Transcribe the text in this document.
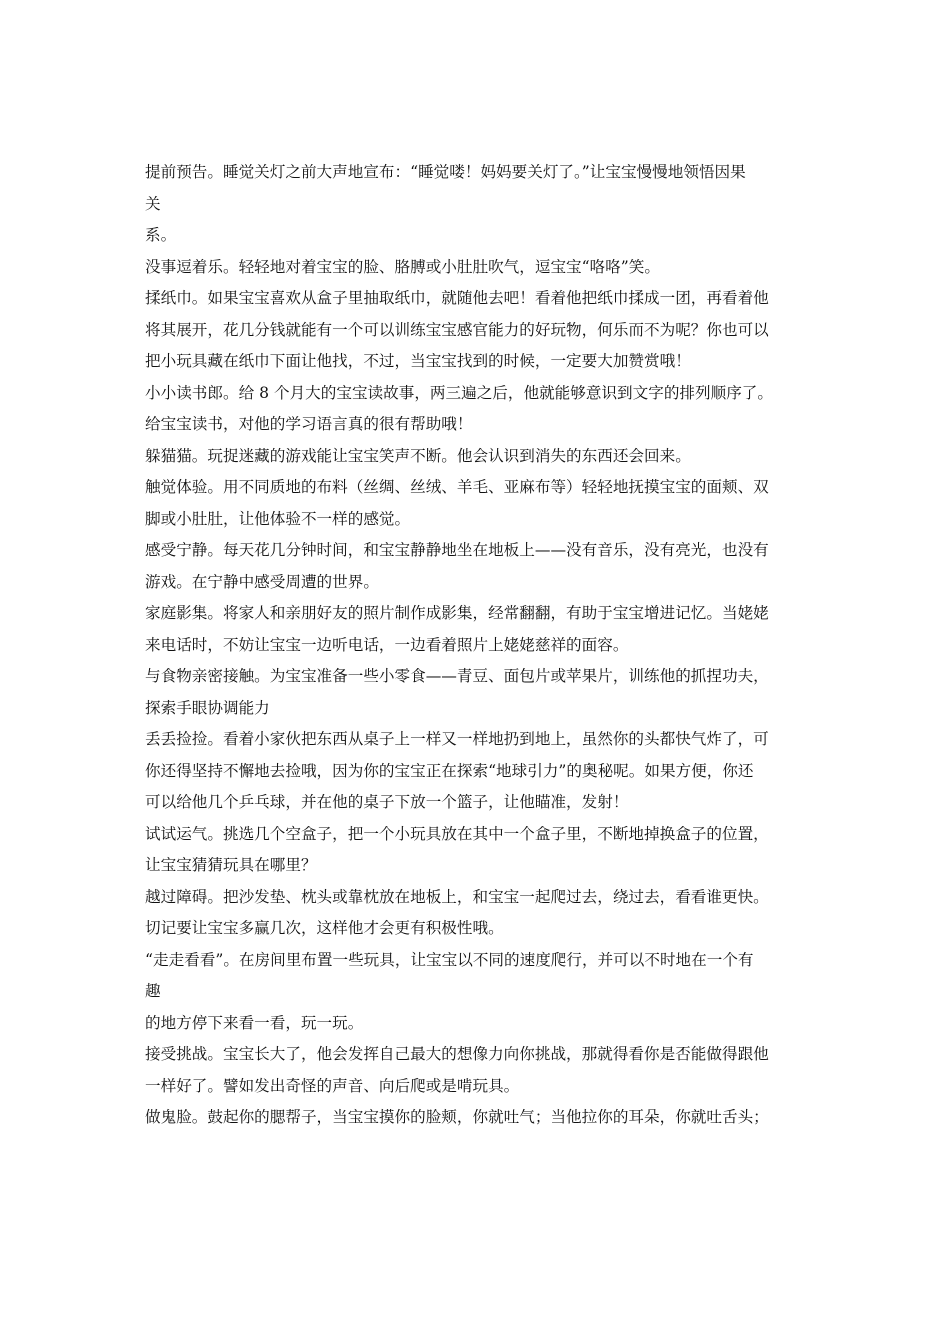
提前预告。睡觉关灯之前大声地宣布：“睡觉喽！妈妈要关灯了。”让宝宝慢慢地领悟因果
关
系。
没事逗着乐。轻轻地对着宝宝的脸、胳膊或小肚肚吹气，逗宝宝“咯咯”笑。
揉纸巾。如果宝宝喜欢从盒子里抽取纸巾，就随他去吧！看着他把纸巾揉成一团，再看着他
将其展开，花几分钱就能有一个可以训练宝宝感官能力的好玩物，何乐而不为呢？你也可以
把小玩具藏在纸巾下面让他找，不过，当宝宝找到的时候，一定要大加赞赏哦！
小小读书郎。给 8 个月大的宝宝读故事，两三遍之后，他就能够意识到文字的排列顺序了。
给宝宝读书，对他的学习语言真的很有帮助哦！
躲猫猫。玩捉迷藏的游戏能让宝宝笑声不断。他会认识到消失的东西还会回来。
触觉体验。用不同质地的布料（丝绸、丝绒、羊毛、亚麻布等）轻轻地抚摸宝宝的面颊、双
脚或小肚肚，让他体验不一样的感觉。
感受宁静。每天花几分钟时间，和宝宝静静地坐在地板上——没有音乐，没有亮光，也没有
游戏。在宁静中感受周遭的世界。
家庭影集。将家人和亲朋好友的照片制作成影集，经常翻翻，有助于宝宝增进记忆。当姥姥
来电话时，不妨让宝宝一边听电话，一边看着照片上姥姥慈祥的面容。
与食物亲密接触。为宝宝准备一些小零食——青豆、面包片或苹果片，训练他的抓捏功夫，
探索手眼协调能力
丢丢捡捡。看着小家伙把东西从桌子上一样又一样地扔到地上，虽然你的头都快气炸了，可
你还得坚持不懈地去捡哦，因为你的宝宝正在探索“地球引力”的奥秘呢。如果方便，你还
可以给他几个乒乓球，并在他的桌子下放一个篮子，让他瞄准，发射！
试试运气。挑选几个空盒子，把一个小玩具放在其中一个盒子里，不断地掉换盒子的位置，
让宝宝猜猜玩具在哪里？
越过障碍。把沙发垫、枕头或靠枕放在地板上，和宝宝一起爬过去，绕过去，看看谁更快。
切记要让宝宝多赢几次，这样他才会更有积极性哦。
“走走看看”。在房间里布置一些玩具，让宝宝以不同的速度爬行，并可以不时地在一个有
趣
的地方停下来看一看，玩一玩。
接受挑战。宝宝长大了，他会发挥自己最大的想像力向你挑战，那就得看你是否能做得跟他
一样好了。譬如发出奇怪的声音、向后爬或是啃玩具。
做鬼脸。鼓起你的腮帮子，当宝宝摸你的脸颊，你就吐气；当他拉你的耳朵，你就吐舌头；
